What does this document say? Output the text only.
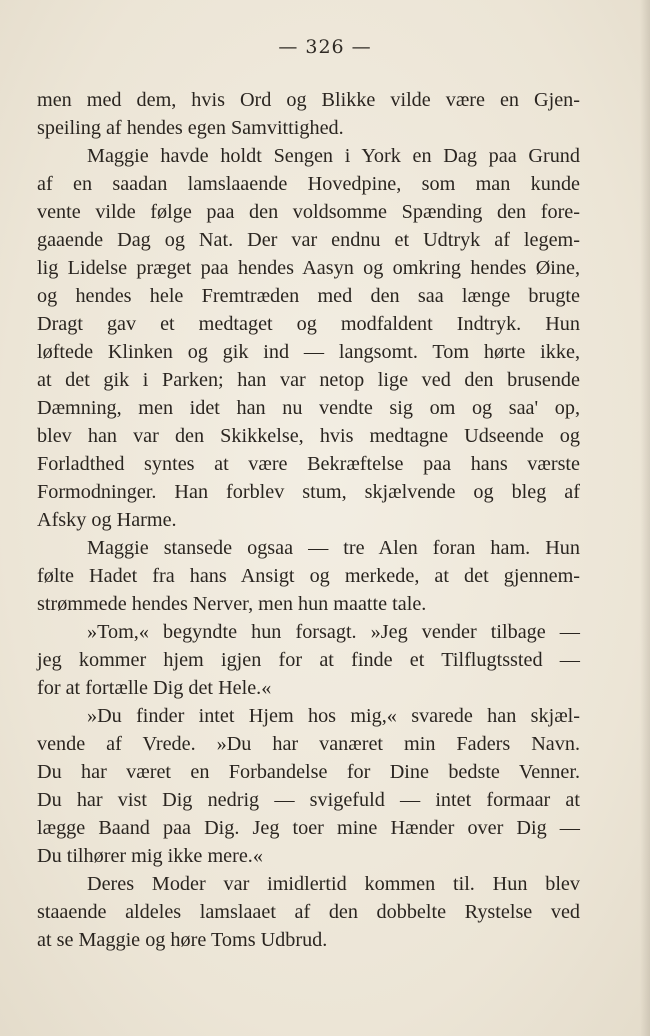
— 326 —
men med dem, hvis Ord og Blikke vilde være en Gjen-
speiling af hendes egen Samvittighed.
Maggie havde holdt Sengen i York en Dag paa Grund
af en saadan lamslaaende Hovedpine, som man kunde
vente vilde følge paa den voldsomme Spænding den fore-
gaaende Dag og Nat. Der var endnu et Udtryk af legem-
lig Lidelse præget paa hendes Aasyn og omkring hendes Øine,
og hendes hele Fremtræden med den saa længe brugte
Dragt gav et medtaget og modfaldent Indtryk. Hun
løftede Klinken og gik ind — langsomt. Tom hørte ikke,
at det gik i Parken; han var netop lige ved den brusende
Dæmning, men idet han nu vendte sig om og saa' op,
blev han var den Skikkelse, hvis medtagne Udseende og
Forladthed syntes at være Bekræftelse paa hans værste
Formodninger. Han forblev stum, skjælvende og bleg af
Afsky og Harme.
Maggie stansede ogsaa — tre Alen foran ham. Hun
følte Hadet fra hans Ansigt og merkede, at det gjennem-
strømmede hendes Nerver, men hun maatte tale.
»Tom,« begyndte hun forsagt. »Jeg vender tilbage —
jeg kommer hjem igjen for at finde et Tilflugtssted —
for at fortælle Dig det Hele.«
»Du finder intet Hjem hos mig,« svarede han skjæl-
vende af Vrede. »Du har vanæret min Faders Navn.
Du har været en Forbandelse for Dine bedste Venner.
Du har vist Dig nedrig — svigefuld — intet formaar at
lægge Baand paa Dig. Jeg toer mine Hænder over Dig —
Du tilhører mig ikke mere.«
Deres Moder var imidlertid kommen til. Hun blev
staaende aldeles lamslaaet af den dobbelte Rystelse ved
at se Maggie og høre Toms Udbrud.
